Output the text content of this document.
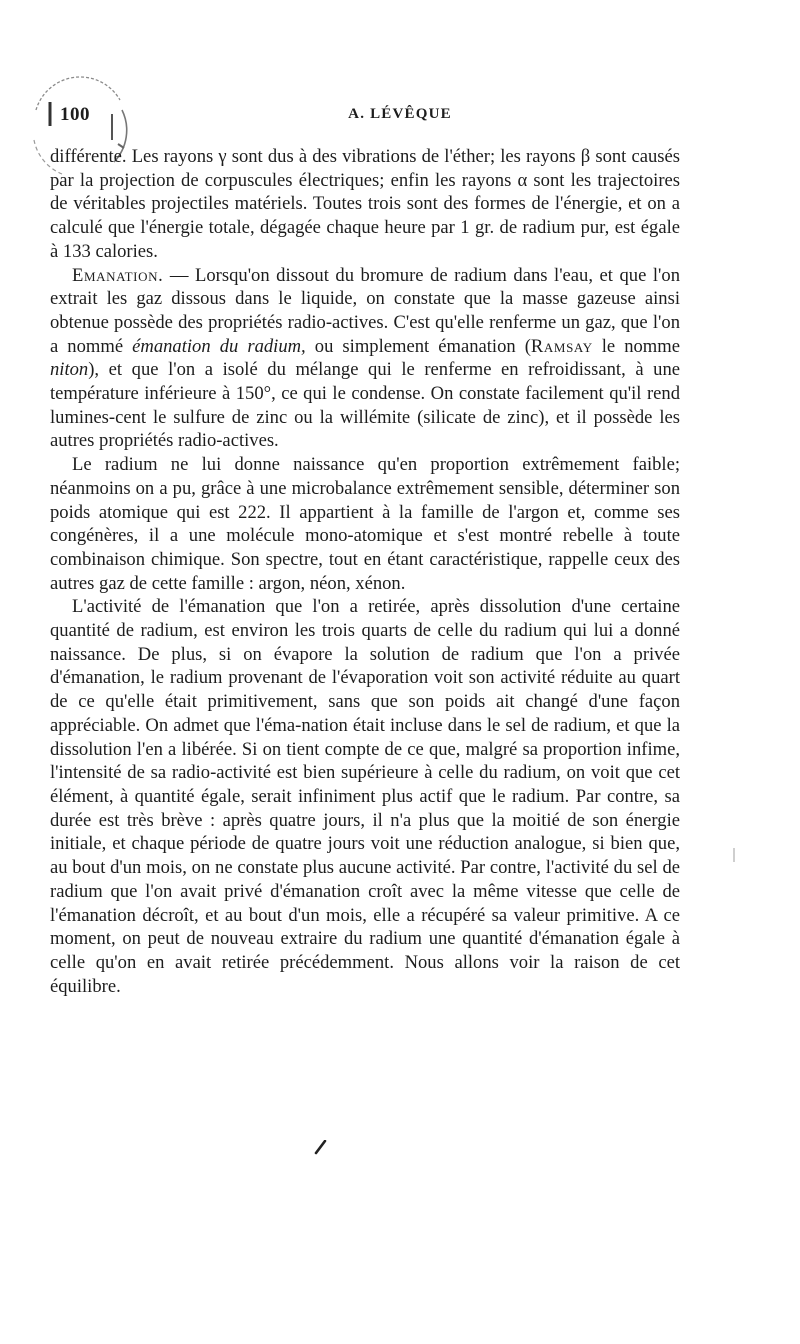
100	A. LÉVÊQUE

différente. Les rayons γ sont dus à des vibrations de l'éther; les rayons β sont causés par la projection de corpuscules électriques; enfin les rayons α sont les trajectoires de véritables projectiles matériels. Toutes trois sont des formes de l'énergie, et on a calculé que l'énergie totale, dégagée chaque heure par 1 gr. de radium pur, est égale à 133 calories.

Emanation. — Lorsqu'on dissout du bromure de radium dans l'eau, et que l'on extrait les gaz dissous dans le liquide, on constate que la masse gazeuse ainsi obtenue possède des propriétés radio-actives. C'est qu'elle renferme un gaz, que l'on a nommé émanation du radium, ou simplement émanation (Ramsay le nomme niton), et que l'on a isolé du mélange qui le renferme en refroidissant, à une température inférieure à 150°, ce qui le condense. On constate facilement qu'il rend lumines-cent le sulfure de zinc ou la willémite (silicate de zinc), et il possède les autres propriétés radio-actives.

Le radium ne lui donne naissance qu'en proportion extrêmement faible; néanmoins on a pu, grâce à une microbalance extrêmement sensible, déterminer son poids atomique qui est 222. Il appartient à la famille de l'argon et, comme ses congénères, il a une molécule mono-atomique et s'est montré rebelle à toute combinaison chimique. Son spectre, tout en étant caractéristique, rappelle ceux des autres gaz de cette famille : argon, néon, xénon.

L'activité de l'émanation que l'on a retirée, après dissolution d'une certaine quantité de radium, est environ les trois quarts de celle du radium qui lui a donné naissance. De plus, si on évapore la solution de radium que l'on a privée d'émanation, le radium provenant de l'évaporation voit son activité réduite au quart de ce qu'elle était primitivement, sans que son poids ait changé d'une façon appréciable. On admet que l'éma-nation était incluse dans le sel de radium, et que la dissolution l'en a libérée. Si on tient compte de ce que, malgré sa proportion infime, l'intensité de sa radio-activité est bien supérieure à celle du radium, on voit que cet élément, à quantité égale, serait infiniment plus actif que le radium. Par contre, sa durée est très brève : après quatre jours, il n'a plus que la moitié de son énergie initiale, et chaque période de quatre jours voit une réduction analogue, si bien que, au bout d'un mois, on ne constate plus aucune activité. Par contre, l'activité du sel de radium que l'on avait privé d'émanation croît avec la même vitesse que celle de l'émanation décroît, et au bout d'un mois, elle a récupéré sa valeur primitive. A ce moment, on peut de nouveau extraire du radium une quantité d'émanation égale à celle qu'on en avait retirée précédemment. Nous allons voir la raison de cet équilibre.
